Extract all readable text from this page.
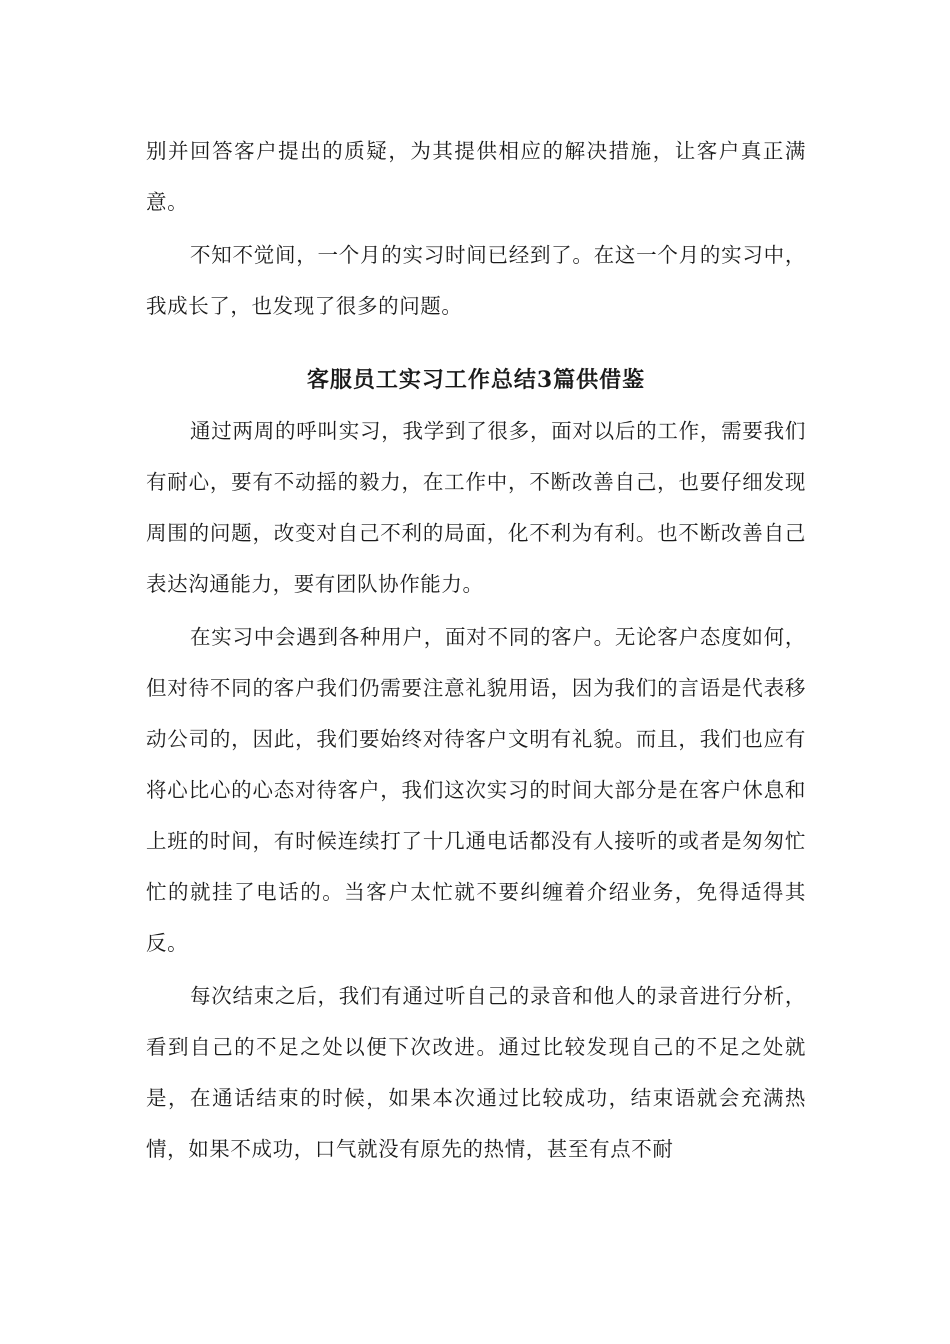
别并回答客户提出的质疑，为其提供相应的解决措施，让客户真正满意。

不知不觉间，一个月的实习时间已经到了。在这一个月的实习中，我成长了，也发现了很多的问题。

客服员工实习工作总结3篇供借鉴

通过两周的呼叫实习，我学到了很多，面对以后的工作，需要我们有耐心，要有不动摇的毅力，在工作中，不断改善自己，也要仔细发现周围的问题，改变对自己不利的局面，化不利为有利。也不断改善自己表达沟通能力，要有团队协作能力。

在实习中会遇到各种用户，面对不同的客户。无论客户态度如何，但对待不同的客户我们仍需要注意礼貌用语，因为我们的言语是代表移动公司的，因此，我们要始终对待客户文明有礼貌。而且，我们也应有将心比心的心态对待客户，我们这次实习的时间大部分是在客户休息和上班的时间，有时候连续打了十几通电话都没有人接听的或者是匆匆忙忙的就挂了电话的。当客户太忙就不要纠缠着介绍业务，免得适得其反。

每次结束之后，我们有通过听自己的录音和他人的录音进行分析，看到自己的不足之处以便下次改进。通过比较发现自己的不足之处就是，在通话结束的时候，如果本次通过比较成功，结束语就会充满热情，如果不成功，口气就没有原先的热情，甚至有点不耐
